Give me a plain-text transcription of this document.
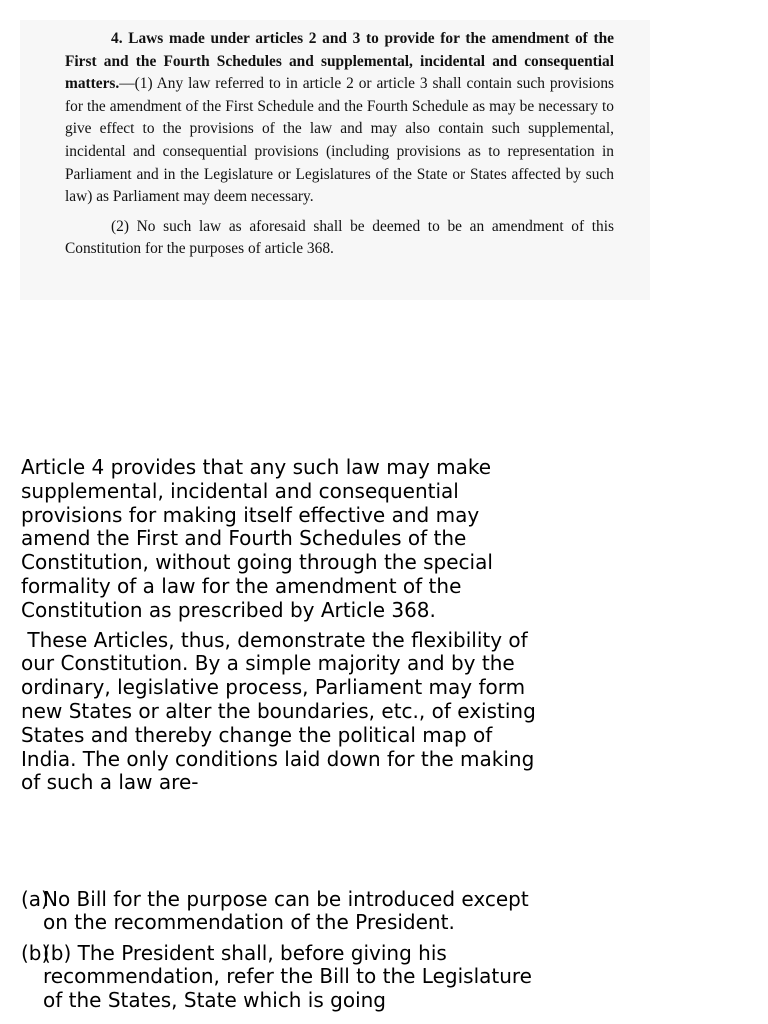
4. Laws made under articles 2 and 3 to provide for the amendment of the First and the Fourth Schedules and supplemental, incidental and consequential matters.—(1) Any law referred to in article 2 or article 3 shall contain such provisions for the amendment of the First Schedule and the Fourth Schedule as may be necessary to give effect to the provisions of the law and may also contain such supplemental, incidental and consequential provisions (including provisions as to representation in Parliament and in the Legislature or Legislatures of the State or States affected by such law) as Parliament may deem necessary.

(2) No such law as aforesaid shall be deemed to be an amendment of this Constitution for the purposes of article 368.

Article 4 provides that any such law may make supplemental, incidental and consequential provisions for making itself effective and may amend the First and Fourth Schedules of the Constitution, without going through the special formality of a law for the amendment of the Constitution as prescribed by Article 368.

These Articles, thus, demonstrate the flexibility of our Constitution. By a simple majority and by the ordinary, legislative process, Parliament may form new States or alter the boundaries, etc., of existing States and thereby change the political map of India. The only conditions laid down for the making of such a law are-

(a)
No Bill for the purpose can be introduced except on the recommendation of the President.
(b)
(b) The President shall, before giving his recommendation, refer the Bill to the Legislature of the States, State which is going
